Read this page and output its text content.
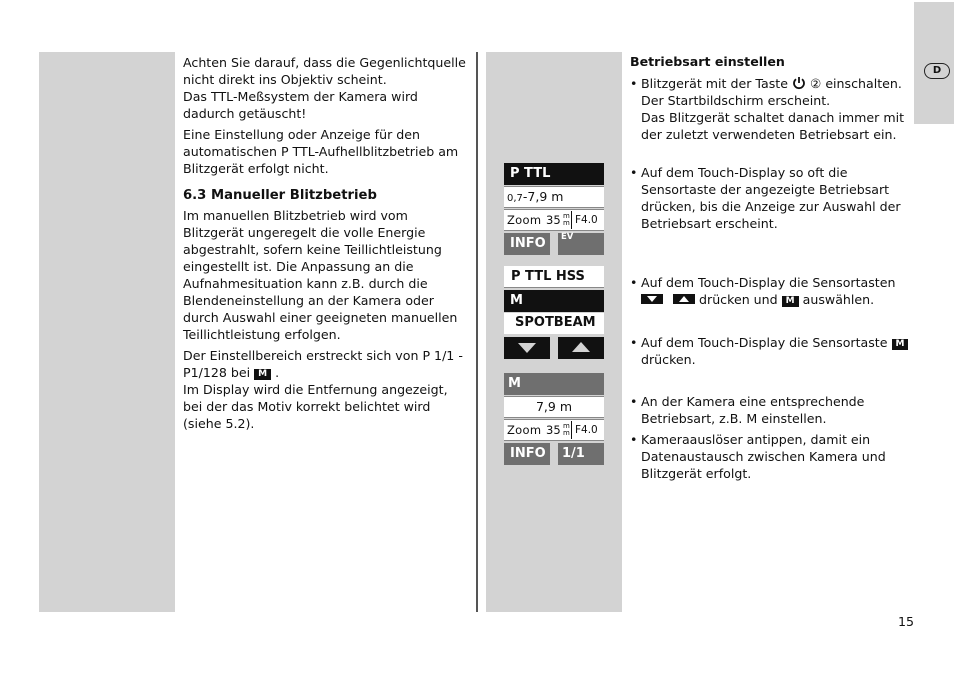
D

Achten Sie darauf, dass die Gegenlichtquelle nicht direkt ins Objektiv scheint.

Das TTL-Meßsystem der Kamera wird dadurch getäuscht!

Eine Einstellung oder Anzeige für den automatischen P TTL-Aufhellblitzbetrieb am Blitzgerät erfolgt nicht.

6.3 Manueller Blitzbetrieb

Im manuellen Blitzbetrieb wird vom Blitzgerät ungeregelt die volle Energie abgestrahlt, sofern keine Teillichtleistung eingestellt ist. Die Anpassung an die Aufnahmesituation kann z.B. durch die Blendeneinstellung an der Kamera oder durch Auswahl einer geeigneten manuellen Teillichtleistung erfolgen.

Der Einstellbereich erstreckt sich von P 1/1 - P1/128 bei M .

Im Display wird die Entfernung angezeigt, bei der das Motiv korrekt belichtet wird (siehe 5.2).

P TTL
0,7-7,9 m
Zoom 35 m
m F4.0
INFO	EV
P TTL HSS
M
SPOTBEAM
M
7,9 m
Zoom 35 m
m F4.0
INFO	1/1
Betriebsart einstellen
• Blitzgerät mit der Taste ② einschalten.
Der Startbildschirm erscheint.
Das Blitzgerät schaltet danach immer mit der zuletzt verwendeten Betriebsart ein.
• Auf dem Touch-Display so oft die Sensortaste der angezeigte Betriebsart drücken, bis die Anzeige zur Auswahl der Betriebsart erscheint.
• Auf dem Touch-Display die Sensortasten

drücken und M auswählen.
• Auf dem Touch-Display die Sensortaste M
drücken.
• An der Kamera eine entsprechende Betriebsart, z.B. M einstellen.
• Kameraauslöser antippen, damit ein Datenaustausch zwischen Kamera und Blitzgerät erfolgt.
15
